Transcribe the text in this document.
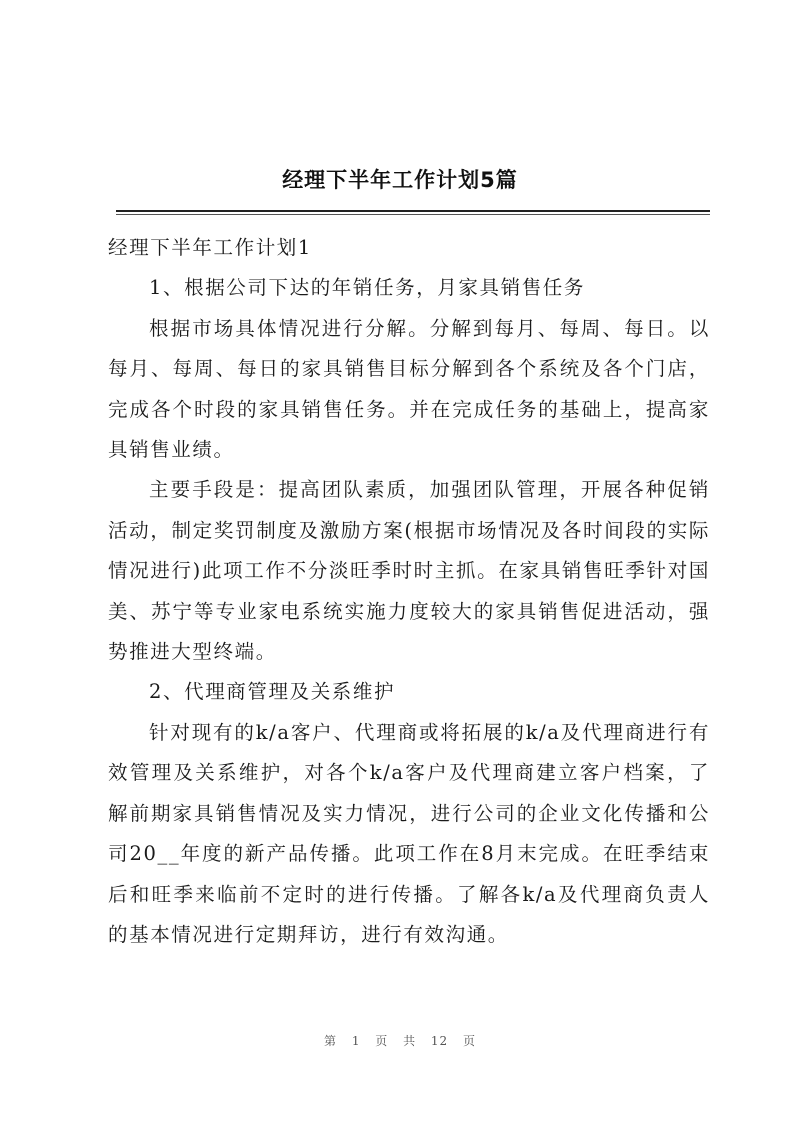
经理下半年工作计划5篇

经理下半年工作计划1

1、根据公司下达的年销任务，月家具销售任务

根据市场具体情况进行分解。分解到每月、每周、每日。以每月、每周、每日的家具销售目标分解到各个系统及各个门店，完成各个时段的家具销售任务。并在完成任务的基础上，提高家具销售业绩。

主要手段是：提高团队素质，加强团队管理，开展各种促销活动，制定奖罚制度及激励方案(根据市场情况及各时间段的实际情况进行)此项工作不分淡旺季时时主抓。在家具销售旺季针对国美、苏宁等专业家电系统实施力度较大的家具销售促进活动，强势推进大型终端。

2、代理商管理及关系维护

针对现有的k/a客户、代理商或将拓展的k/a及代理商进行有效管理及关系维护，对各个k/a客户及代理商建立客户档案，了解前期家具销售情况及实力情况，进行公司的企业文化传播和公司20__年度的新产品传播。此项工作在8月末完成。在旺季结束后和旺季来临前不定时的进行传播。了解各k/a及代理商负责人的基本情况进行定期拜访，进行有效沟通。

第 1 页 共 12 页
